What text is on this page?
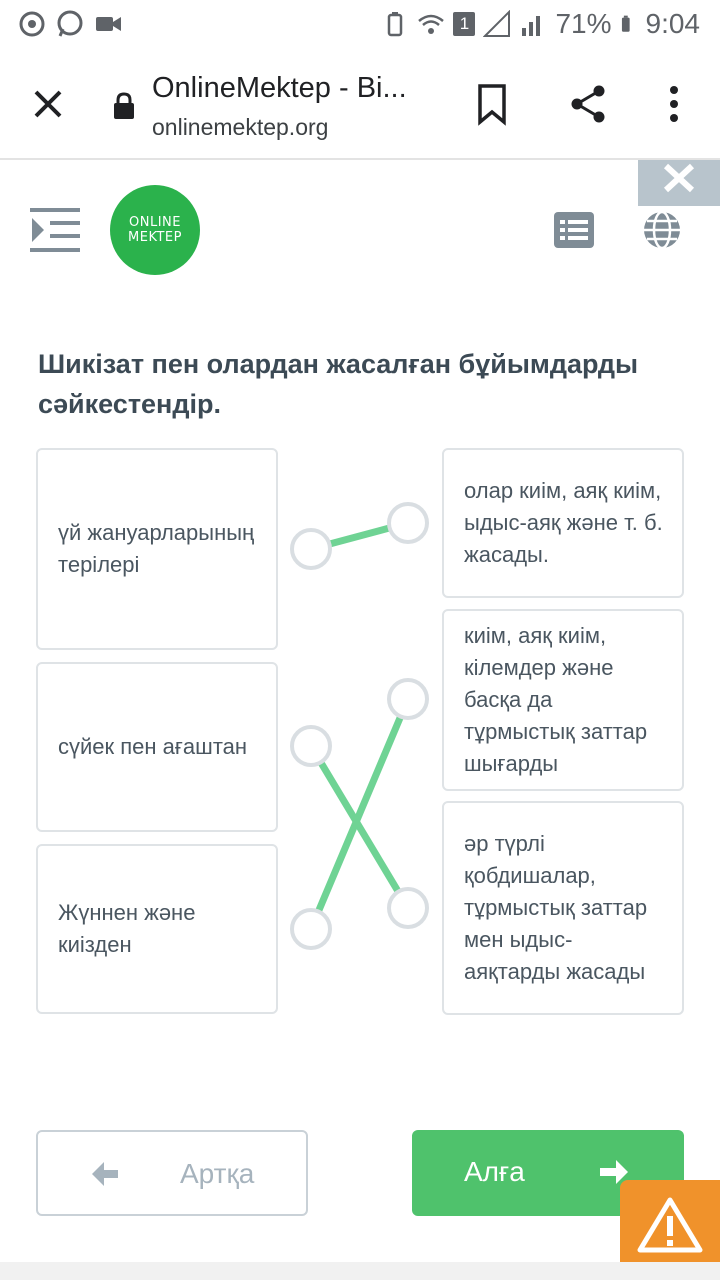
1	71% 9:04
OnlineMektep - Bi...
onlinemektep.org
ONLINE
MEKTEP
Шикізат пен олардан жасалған бұйымдарды сәйкестендір.
үй жануарларының терілері
сүйек пен ағаштан
Жүннен және киізден
олар киім, аяқ киім, ыдыс-аяқ және т. б. жасады.
киім, аяқ киім, кілемдер және басқа да тұрмыстық заттар шығарды
әр түрлі қобдишалар, тұрмыстық заттар мен ыдыс-аяқтарды жасады
Артқа	Алға
